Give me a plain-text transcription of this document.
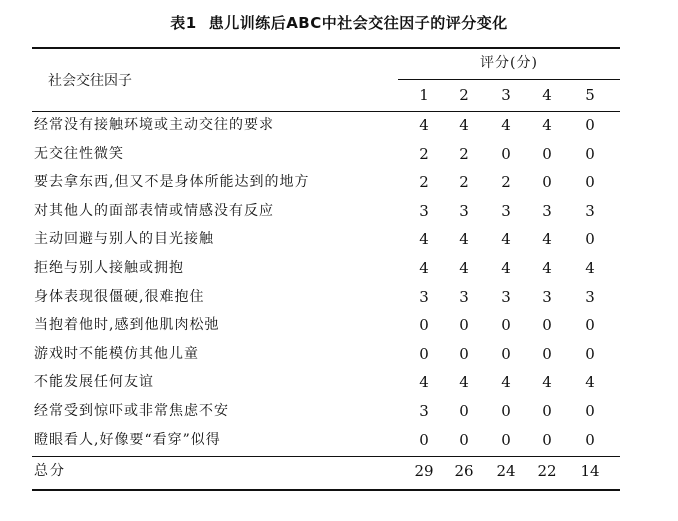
表1 患儿训练后ABC中社会交往因子的评分变化
社会交往因子
评分(分)
1	2	3	4	5
经常没有接触环境或主动交往的要求	4	4	4	4	0
无交往性微笑	2	2	0	0	0
要去拿东西,但又不是身体所能达到的地方	2	2	2	0	0
对其他人的面部表情或情感没有反应	3	3	3	3	3
主动回避与别人的目光接触	4	4	4	4	0
拒绝与别人接触或拥抱	4	4	4	4	4
身体表现很僵硬,很难抱住	3	3	3	3	3
当抱着他时,感到他肌肉松弛	0	0	0	0	0
游戏时不能模仿其他儿童	0	0	0	0	0
不能发展任何友谊	4	4	4	4	4
经常受到惊吓或非常焦虑不安	3	0	0	0	0
瞪眼看人,好像要“看穿”似得	0	0	0	0	0
总分	29	26	24	22	14
